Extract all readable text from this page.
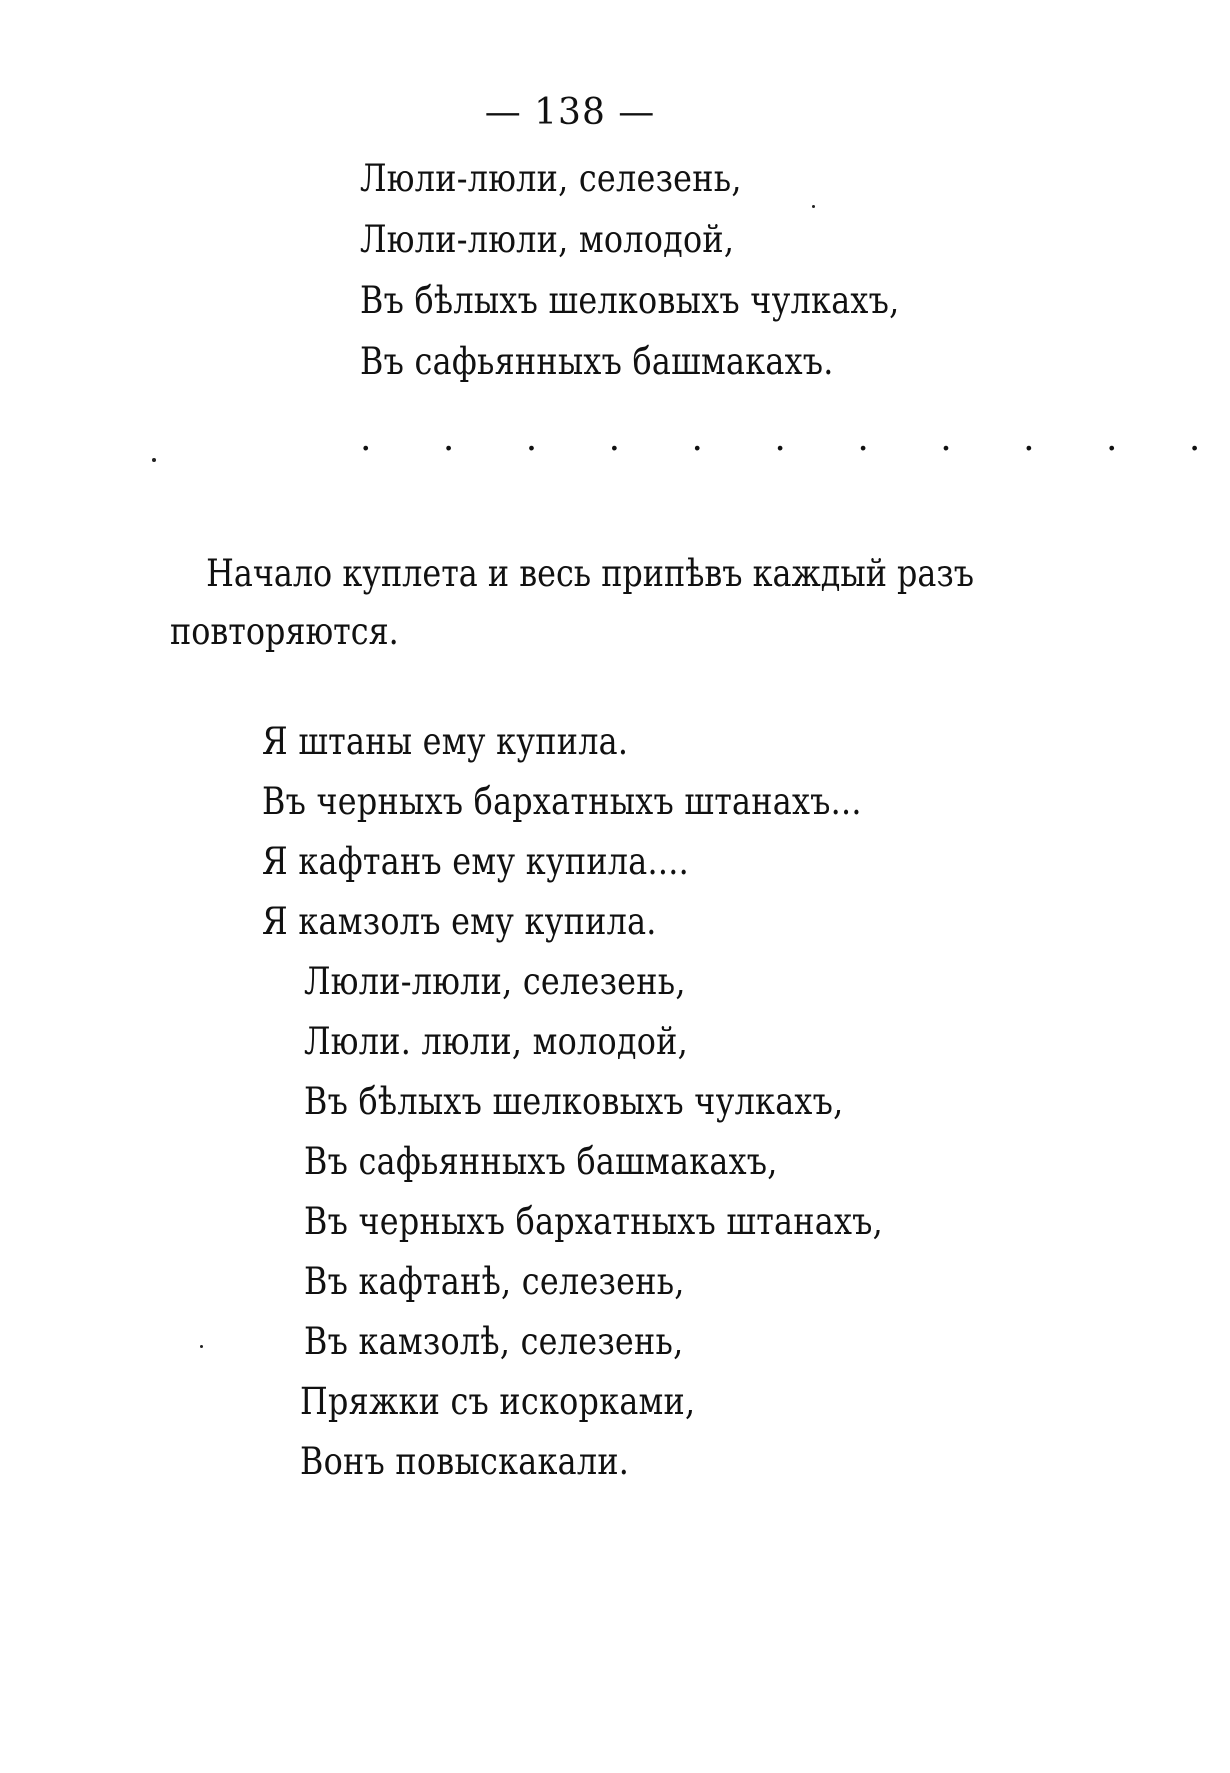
— 138 —
Люли-люли, селезень,
Люли-люли, молодой,
Въ бѣлыхъ шелковыхъ чулкахъ,
Въ сафьянныхъ башмакахъ.
. . . . . . . . . . .
Начало куплета и весь припѣвъ каждый разъ
повторяются.
Я штаны ему купила.
Въ черныхъ бархатныхъ штанахъ...
Я кафтанъ ему купила....
Я камзолъ ему купила.
Люли-люли, селезень,
Люли. люли, молодой,
Въ бѣлыхъ шелковыхъ чулкахъ,
Въ сафьянныхъ башмакахъ,
Въ черныхъ бархатныхъ штанахъ,
Въ кафтанѣ, селезень,
Въ камзолѣ, селезень,
Пряжки съ искорками,
Вонъ повыскакали.
